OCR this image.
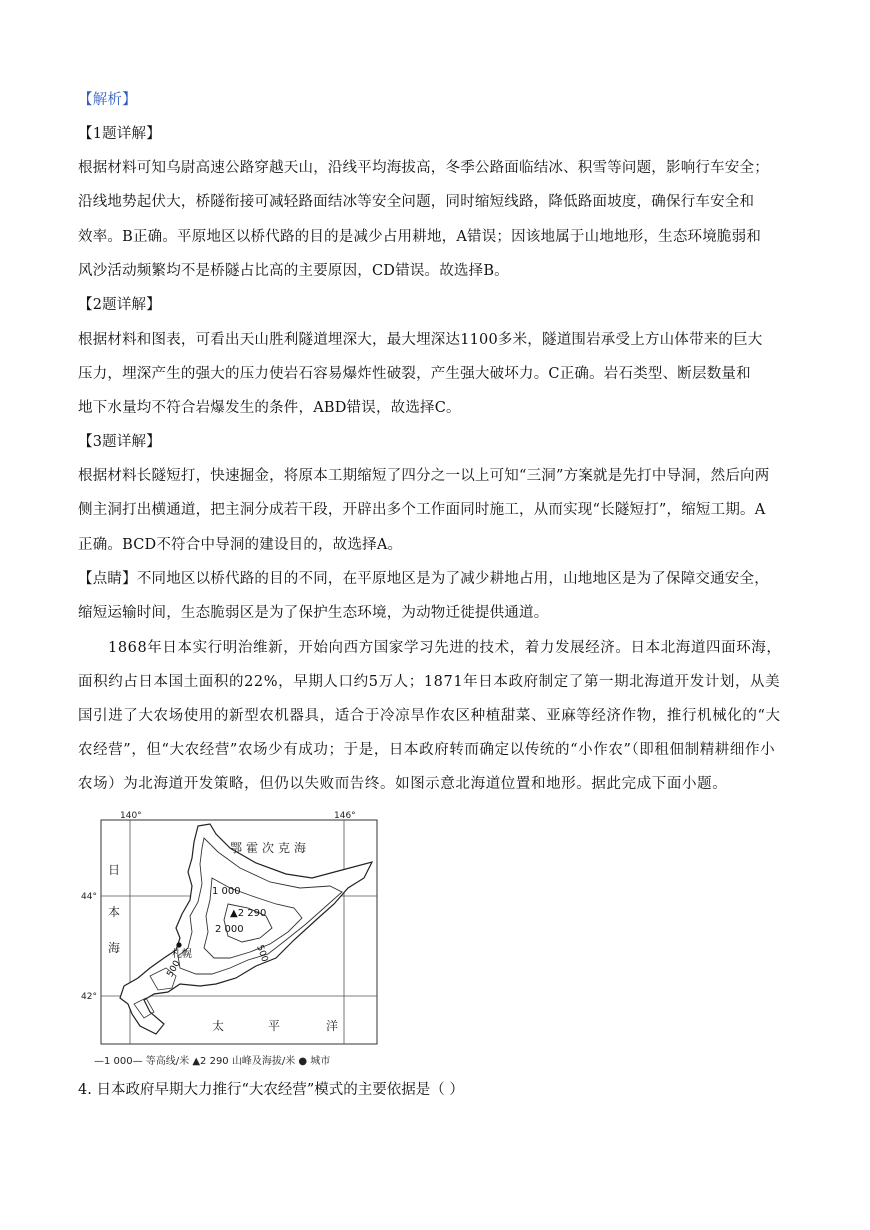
【解析】
【1题详解】
根据材料可知乌尉高速公路穿越天山，沿线平均海拔高，冬季公路面临结冰、积雪等问题，影响行车安全；
沿线地势起伏大，桥隧衔接可减轻路面结冰等安全问题，同时缩短线路，降低路面坡度，确保行车安全和
效率。B正确。平原地区以桥代路的目的是减少占用耕地，A错误；因该地属于山地地形，生态环境脆弱和
风沙活动频繁均不是桥隧占比高的主要原因，CD错误。故选择B。
【2题详解】
根据材料和图表，可看出天山胜利隧道埋深大，最大埋深达1100多米，隧道围岩承受上方山体带来的巨大
压力，埋深产生的强大的压力使岩石容易爆炸性破裂，产生强大破坏力。C正确。岩石类型、断层数量和
地下水量均不符合岩爆发生的条件，ABD错误，故选择C。
【3题详解】
根据材料长隧短打，快速掘金，将原本工期缩短了四分之一以上可知“三洞”方案就是先打中导洞，然后向两
侧主洞打出横通道，把主洞分成若干段，开辟出多个工作面同时施工，从而实现“长隧短打”，缩短工期。A
正确。BCD不符合中导洞的建设目的，故选择A。
【点睛】不同地区以桥代路的目的不同，在平原地区是为了减少耕地占用，山地地区是为了保障交通安全，
缩短运输时间，生态脆弱区是为了保护生态环境，为动物迁徙提供通道。
1868年日本实行明治维新，开始向西方国家学习先进的技术，着力发展经济。日本北海道四面环海，
面积约占日本国土面积的22%，早期人口约5万人；1871年日本政府制定了第一期北海道开发计划，从美
国引进了大农场使用的新型农机器具，适合于冷凉旱作农区种植甜菜、亚麻等经济作物，推行机械化的“大
农经营”，但“大农经营”农场少有成功；于是，日本政府转而确定以传统的“小作农”（即租佃制精耕细作小
农场）为北海道开发策略，但仍以失败而告终。如图示意北海道位置和地形。据此完成下面小题。
▲2 290
札幌
1 000
2 000
500
500
140°	146°
44°
42°
鄂霍次克海
日
本
海
太	平	洋
—1 000— 等高线/米 ▲2 290 山峰及海拔/米 ● 城市
4. 日本政府早期大力推行“大农经营”模式的主要依据是（ ）
